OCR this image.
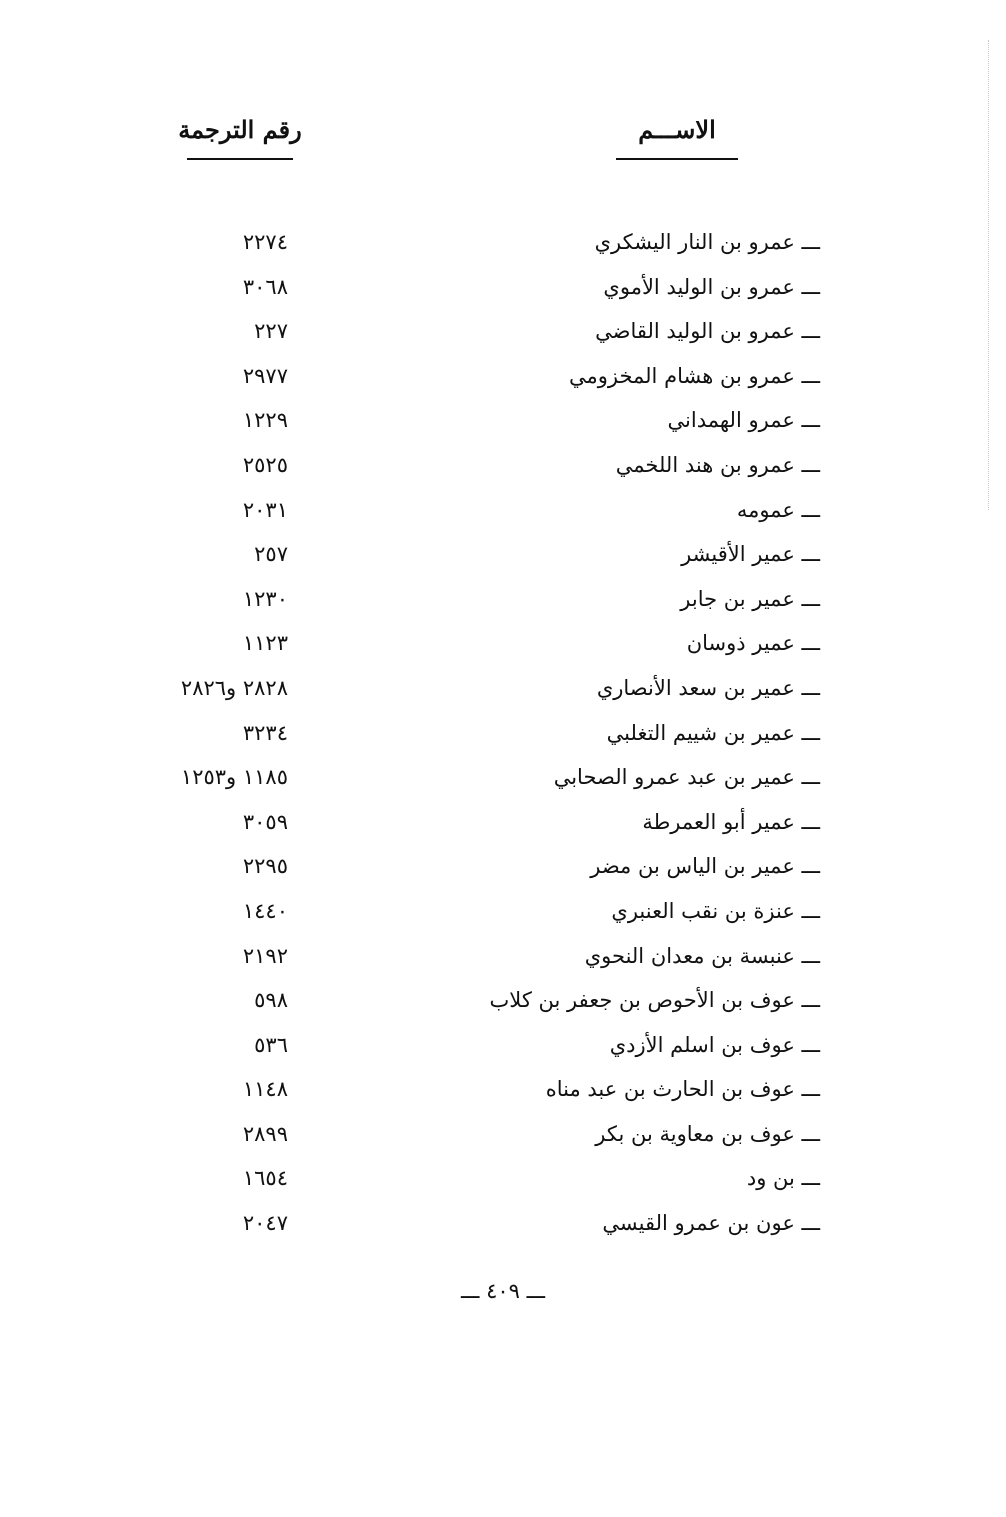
الاســـم
رقم الترجمة
ـــ عمرو بن النار اليشكري
٢٢٧٤
ـــ عمرو بن الوليد الأموي
٣٠٦٨
ـــ عمرو بن الوليد القاضي
٢٢٧
ـــ عمرو بن هشام المخزومي
٢٩٧٧
ـــ عمرو الهمداني
١٢٢٩
ـــ عمرو بن هند اللخمي
٢٥٢٥
ـــ عمومه
٢٠٣١
ـــ عمير الأقيشر
٢٥٧
ـــ عمير بن جابر
١٢٣٠
ـــ عمير ذوسان
١١٢٣
ـــ عمير بن سعد الأنصاري
٢٨٢٨ و٢٨٢٦
ـــ عمير بن شييم التغلبي
٣٢٣٤
ـــ عمير بن عبد عمرو الصحابي
١١٨٥ و١٢٥٣
ـــ عمير أبو العمرطة
٣٠٥٩
ـــ عمير بن الياس بن مضر
٢٢٩٥
ـــ عنزة بن نقب العنبري
١٤٤٠
ـــ عنبسة بن معدان النحوي
٢١٩٢
ـــ عوف بن الأحوص بن جعفر بن كلاب
٥٩٨
ـــ عوف بن اسلم الأزدي
٥٣٦
ـــ عوف بن الحارث بن عبد مناه
١١٤٨
ـــ عوف بن معاوية بن بكر
٢٨٩٩
ـــ بن ود
١٦٥٤
ـــ عون بن عمرو القيسي
٢٠٤٧
ـــ ٤٠٩ ـــ
